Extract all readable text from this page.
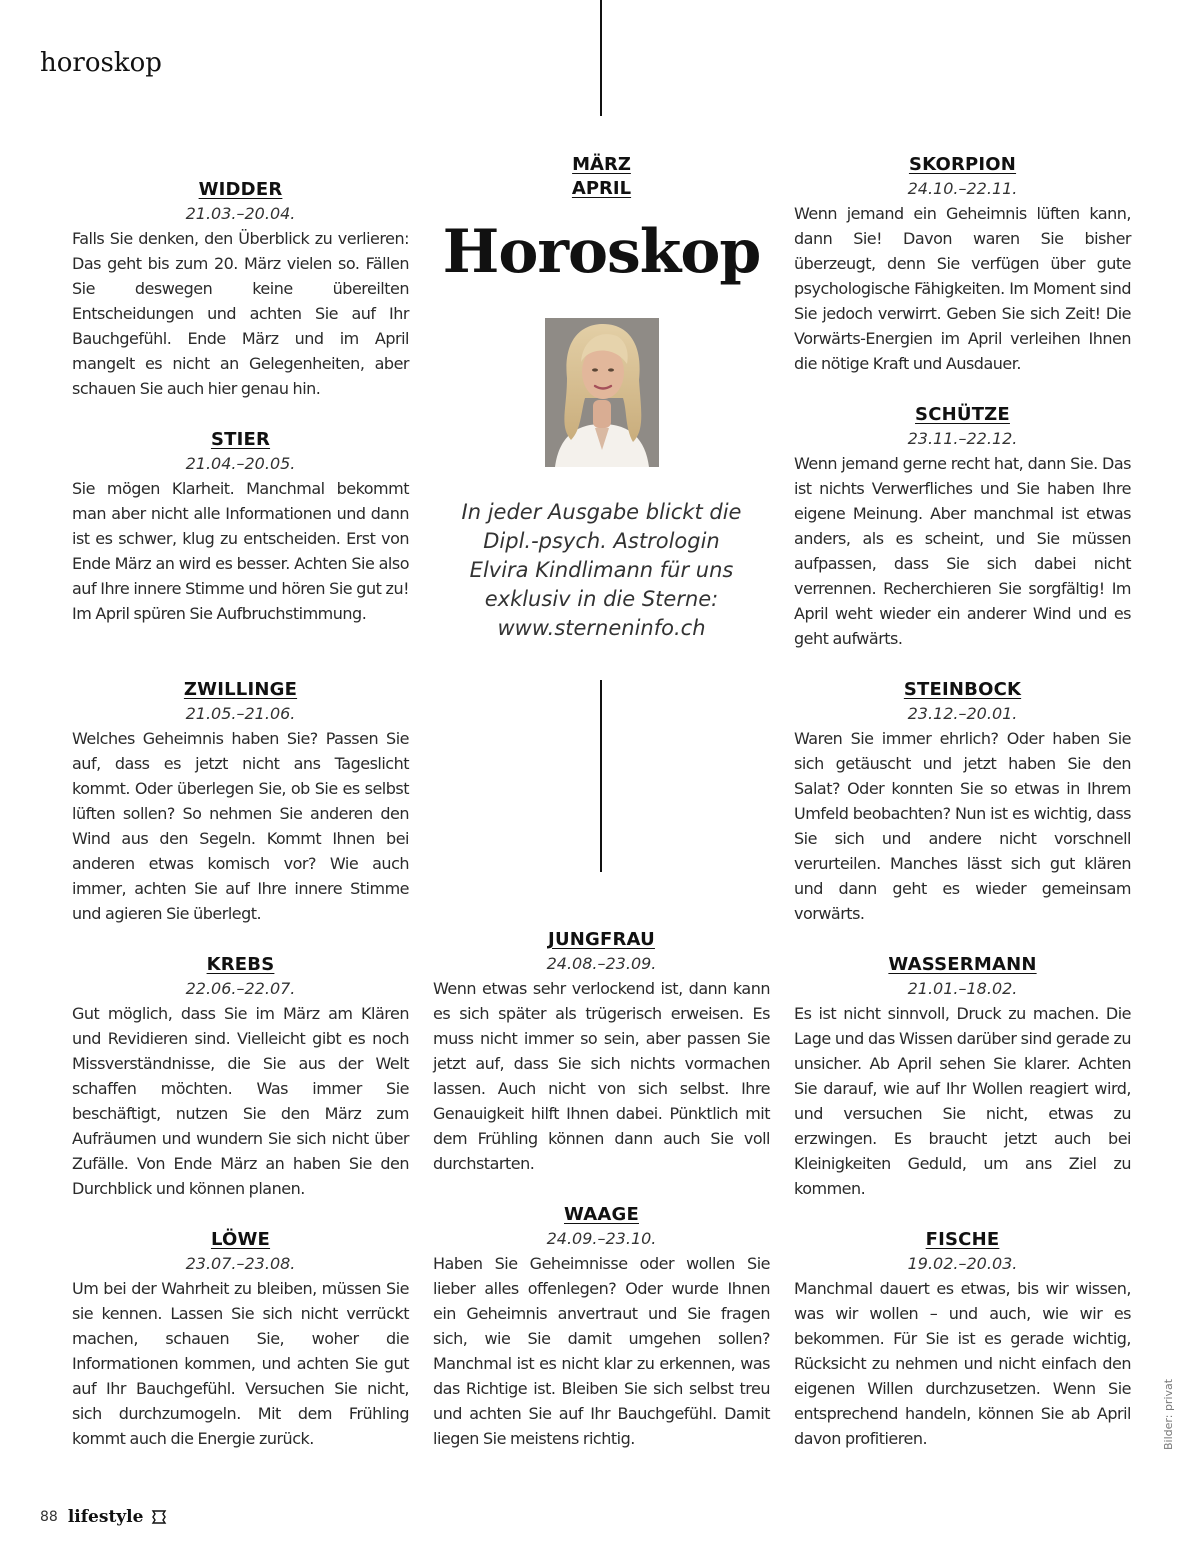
horoskop
WIDDER
21.03.–20.04.
Falls Sie denken, den Überblick zu verlieren: Das geht bis zum 20. März vielen so. Fällen Sie deswegen keine übereilten Entscheidungen und achten Sie auf Ihr Bauchgefühl. Ende März und im April mangelt es nicht an Gelegenheiten, aber schauen Sie auch hier genau hin.
STIER
21.04.–20.05.
Sie mögen Klarheit. Manchmal bekommt man aber nicht alle Informationen und dann ist es schwer, klug zu entscheiden. Erst von Ende März an wird es besser. Achten Sie also auf Ihre innere Stimme und hören Sie gut zu! Im April spüren Sie Aufbruchstimmung.
ZWILLINGE
21.05.–21.06.
Welches Geheimnis haben Sie? Passen Sie auf, dass es jetzt nicht ans Tageslicht kommt. Oder überlegen Sie, ob Sie es selbst lüften sollen? So nehmen Sie anderen den Wind aus den Segeln. Kommt Ihnen bei anderen etwas komisch vor? Wie auch immer, achten Sie auf Ihre innere Stimme und agieren Sie überlegt.
KREBS
22.06.–22.07.
Gut möglich, dass Sie im März am Klären und Revidieren sind. Vielleicht gibt es noch Missverständnisse, die Sie aus der Welt schaffen möchten. Was immer Sie beschäftigt, nutzen Sie den März zum Aufräumen und wundern Sie sich nicht über Zufälle. Von Ende März an haben Sie den Durchblick und können planen.
LÖWE
23.07.–23.08.
Um bei der Wahrheit zu bleiben, müssen Sie sie kennen. Lassen Sie sich nicht verrückt machen, schauen Sie, woher die Informationen kommen, und achten Sie gut auf Ihr Bauchgefühl. Versuchen Sie nicht, sich durchzumogeln. Mit dem Frühling kommt auch die Energie zurück.
MÄRZ
APRIL
Horoskop
In jeder Ausgabe blickt die
Dipl.-psych. Astrologin
Elvira Kindlimann für uns
exklusiv in die Sterne:
www.sterneninfo.ch
JUNGFRAU
24.08.–23.09.
Wenn etwas sehr verlockend ist, dann kann es sich später als trügerisch erweisen. Es muss nicht immer so sein, aber passen Sie jetzt auf, dass Sie sich nichts vormachen lassen. Auch nicht von sich selbst. Ihre Genauigkeit hilft Ihnen dabei. Pünktlich mit dem Frühling können dann auch Sie voll durchstarten.
WAAGE
24.09.–23.10.
Haben Sie Geheimnisse oder wollen Sie lieber alles offenlegen? Oder wurde Ihnen ein Geheimnis anvertraut und Sie fragen sich, wie Sie damit umgehen sollen? Manchmal ist es nicht klar zu erkennen, was das Richtige ist. Bleiben Sie sich selbst treu und achten Sie auf Ihr Bauchgefühl. Damit liegen Sie meistens richtig.
SKORPION
24.10.–22.11.
Wenn jemand ein Geheimnis lüften kann, dann Sie! Davon waren Sie bisher überzeugt, denn Sie verfügen über gute psychologische Fähigkeiten. Im Moment sind Sie jedoch verwirrt. Geben Sie sich Zeit! Die Vorwärts-Energien im April verleihen Ihnen die nötige Kraft und Ausdauer.
SCHÜTZE
23.11.–22.12.
Wenn jemand gerne recht hat, dann Sie. Das ist nichts Verwerfliches und Sie haben Ihre eigene Meinung. Aber manchmal ist etwas anders, als es scheint, und Sie müssen aufpassen, dass Sie sich dabei nicht verrennen. Recherchieren Sie sorgfältig! Im April weht wieder ein anderer Wind und es geht aufwärts.
STEINBOCK
23.12.–20.01.
Waren Sie immer ehrlich? Oder haben Sie sich getäuscht und jetzt haben Sie den Salat? Oder konnten Sie so etwas in Ihrem Umfeld beobachten? Nun ist es wichtig, dass Sie sich und andere nicht vorschnell verurteilen. Manches lässt sich gut klären und dann geht es wieder gemeinsam vorwärts.
WASSERMANN
21.01.–18.02.
Es ist nicht sinnvoll, Druck zu machen. Die Lage und das Wissen darüber sind gerade zu unsicher. Ab April sehen Sie klarer. Achten Sie darauf, wie auf Ihr Wollen reagiert wird, und versuchen Sie nicht, etwas zu erzwingen. Es braucht jetzt auch bei Kleinigkeiten Geduld, um ans Ziel zu kommen.
FISCHE
19.02.–20.03.
Manchmal dauert es etwas, bis wir wissen, was wir wollen – und auch, wie wir es bekommen. Für Sie ist es gerade wichtig, Rücksicht zu nehmen und nicht einfach den eigenen Willen durchzusetzen. Wenn Sie entsprechend handeln, können Sie ab April davon profitieren.	Bilder: privat
88 lifestyle
